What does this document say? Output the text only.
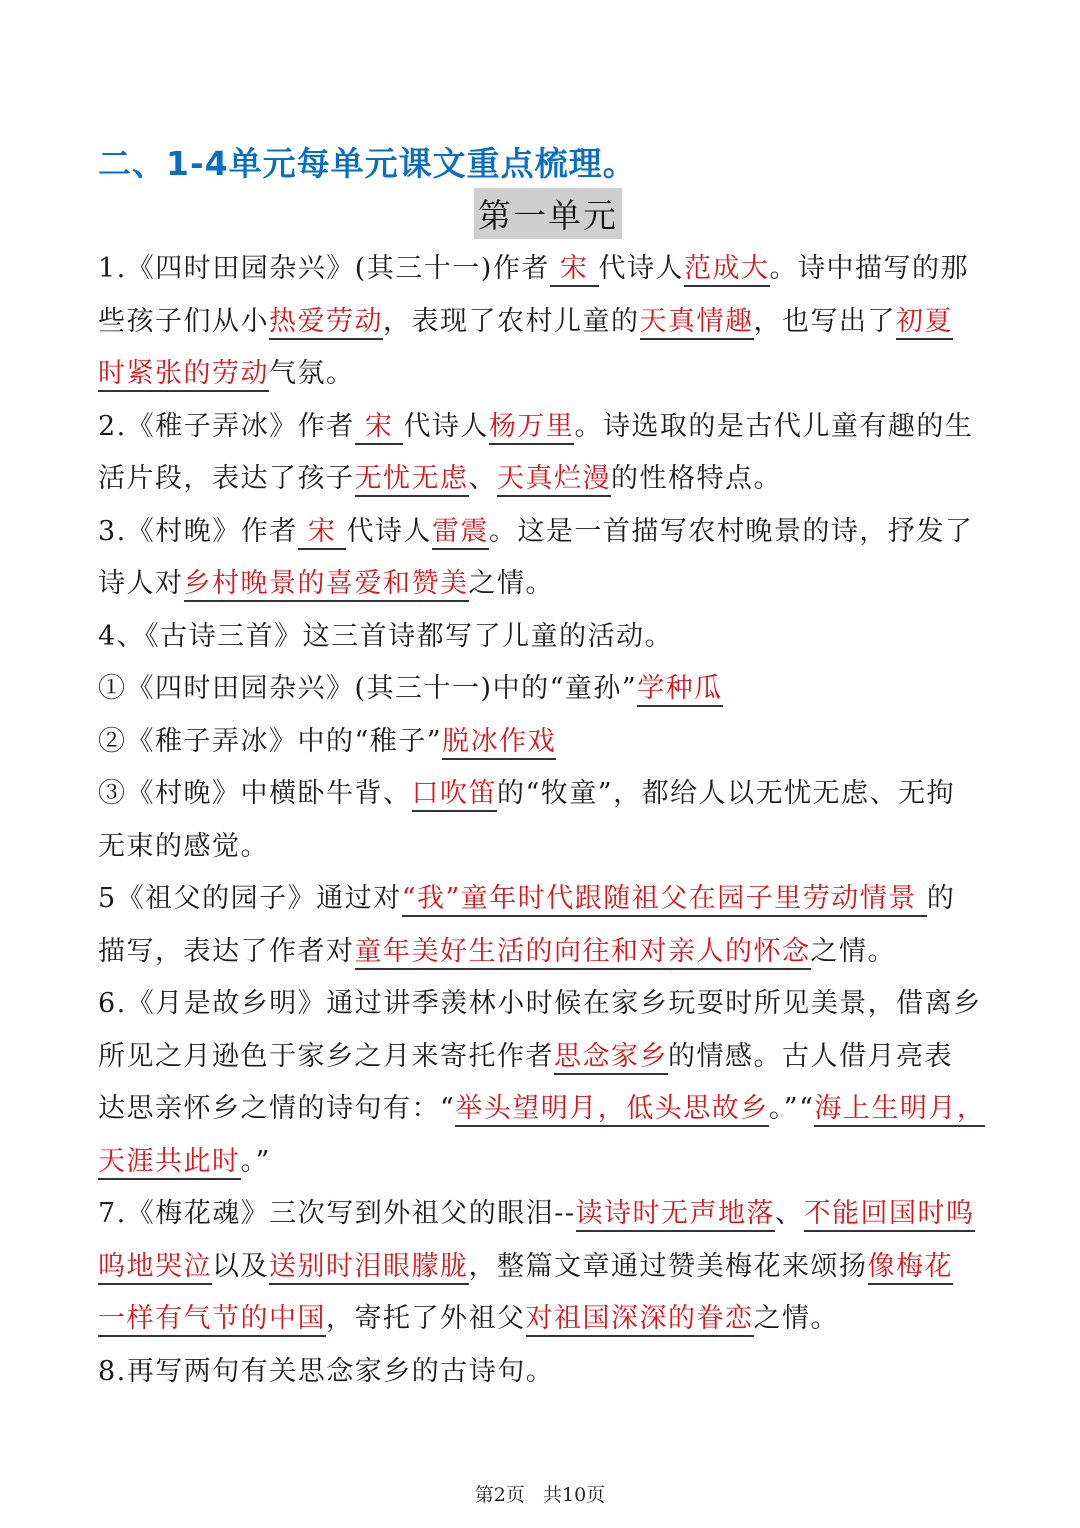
二、1-4单元每单元课文重点梳理。
第一单元
1.《四时田园杂兴》(其三十一)作者 宋 代诗人范成大。诗中描写的那
些孩子们从小热爱劳动，表现了农村儿童的天真情趣，也写出了初夏
时紧张的劳动气氛。
2.《稚子弄冰》作者 宋 代诗人杨万里。诗选取的是古代儿童有趣的生
活片段，表达了孩子无忧无虑、天真烂漫的性格特点。
3.《村晚》作者 宋 代诗人雷震。这是一首描写农村晚景的诗，抒发了
诗人对乡村晚景的喜爱和赞美之情。
4、《古诗三首》这三首诗都写了儿童的活动。
①《四时田园杂兴》(其三十一)中的“童孙”学种瓜
②《稚子弄冰》中的“稚子”脱冰作戏
③《村晚》中横卧牛背、口吹笛的“牧童”，都给人以无忧无虑、无拘
无束的感觉。
5《祖父的园子》通过对“我”童年时代跟随祖父在园子里劳动情景 的
描写，表达了作者对童年美好生活的向往和对亲人的怀念之情。
6.《月是故乡明》通过讲季羡林小时候在家乡玩耍时所见美景，借离乡
所见之月逊色于家乡之月来寄托作者思念家乡的情感。古人借月亮表
达思亲怀乡之情的诗句有：“举头望明月，低头思故乡。”“海上生明月，
天涯共此时。”
7.《梅花魂》三次写到外祖父的眼泪--读诗时无声地落、不能回国时呜
呜地哭泣以及送别时泪眼朦胧，整篇文章通过赞美梅花来颂扬像梅花
一样有气节的中国，寄托了外祖父对祖国深深的眷恋之情。
8.再写两句有关思念家乡的古诗句。
第2页   共10页
